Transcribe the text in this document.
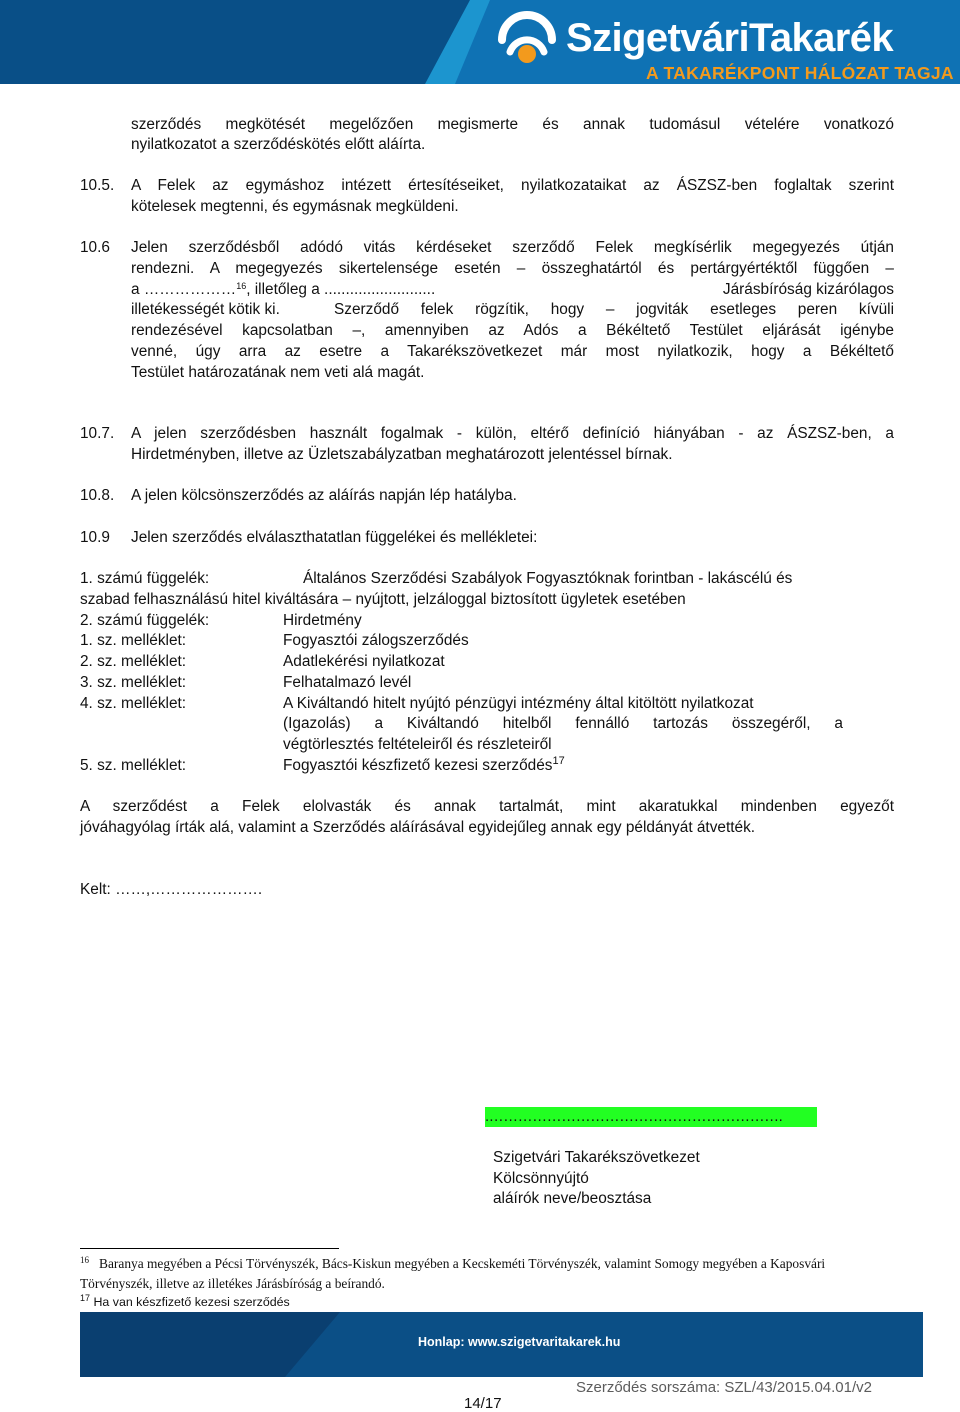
SzigetváriTakarék
A TAKARÉKPONT HÁLÓZAT TAGJA
szerződés megkötését megelőzően megismerte és annak tudomásul vételére vonatkozó
nyilatkozatot a szerződéskötés előtt aláírta.
10.5. A Felek az egymáshoz intézett értesítéseiket, nyilatkozataikat az ÁSZSZ-ben foglaltak szerint
kötelesek megtenni, és egymásnak megküldeni.
10.6 Jelen szerződésből adódó vitás kérdéseket szerződő Felek megkísérlik megegyezés útján
rendezni. A megegyezés sikertelensége esetén – összeghatártól és pertárgyértéktől függően –
a ………………$^{16}$, illetőleg a ..........................	Járásbíróság kizárólagos
illetékességét kötik ki.	Szerződő felek rögzítik, hogy – jogviták esetleges peren kívüli
rendezésével kapcsolatban –, amennyiben az Adós a Békéltető Testület eljárását igénybe
venné, úgy arra az esetre a Takarékszövetkezet már most nyilatkozik, hogy a Békéltető
Testület határozatának nem veti alá magát.
10.7. A jelen szerződésben használt fogalmak - külön, eltérő definíció hiányában - az ÁSZSZ-ben, a
Hirdetményben, illetve az Üzletszabályzatban meghatározott jelentéssel bírnak.
10.8. A jelen kölcsönszerződés az aláírás napján lép hatályba.
10.9 Jelen szerződés elválaszthatatlan függelékei és mellékletei:
1. számú függelék:	Általános Szerződési Szabályok Fogyasztóknak forintban - lakáscélú és
szabad felhasználású hitel kiváltására – nyújtott, jelzáloggal biztosított ügyletek esetében
2. számú függelék:	Hirdetmény
1. sz. melléklet:	Fogyasztói zálogszerződés
2. sz. melléklet:	Adatlekérési nyilatkozat
3. sz. melléklet:	Felhatalmazó levél
4. sz. melléklet:	A Kiváltandó hitelt nyújtó pénzügyi intézmény által kitöltött nyilatkozat
(Igazolás) a Kiváltandó hitelből fennálló tartozás összegéről, a
végtörlesztés feltételeiről és részleteiről
5. sz. melléklet:	Fogyasztói készfizető kezesi szerződés$^{17}$
A szerződést a Felek elolvasták és annak tartalmát, mint akaratukkal mindenben egyezőt
jóváhagyólag írták alá, valamint a Szerződés aláírásával egyidejűleg annak egy példányát átvették.
Kelt: ……,………………….
.…………………………………………………….
Szigetvári Takarékszövetkezet
Kölcsönnyújtó
aláírók neve/beosztása
$^{16}$ Baranya megyében a Pécsi Törvényszék, Bács-Kiskun megyében a Kecskeméti Törvényszék, valamint Somogy megyében a Kaposvári
Törvényszék, illetve az illetékes Járásbíróság a beírandó.
$^{17}$ Ha van készfizető kezesi szerződés
Honlap: www.szigetvaritakarek.hu
Szerződés sorszáma: SZL/43/2015.04.01/v2
14/17
